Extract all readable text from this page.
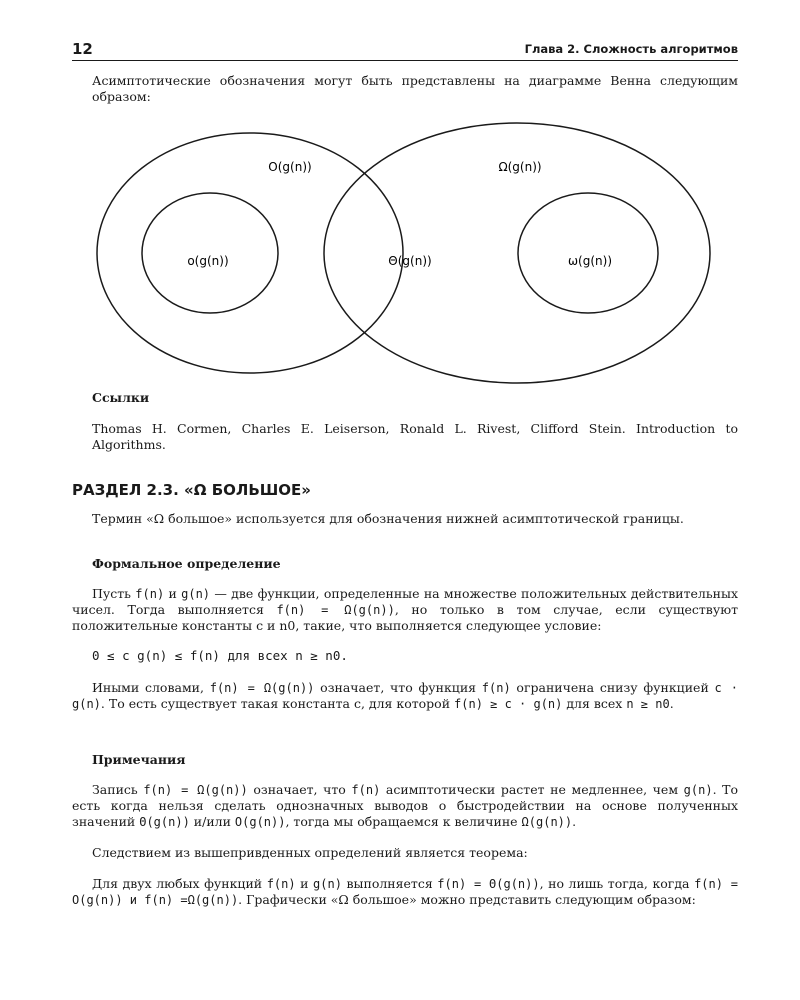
12	Глава 2. Сложность алгоритмов
Асимптотические обозначения могут быть представлены на диаграмме Венна следующим образом:
O(g(n))	Ω(g(n))
o(g(n))	Θ(g(n))	ω(g(n))
Ссылки
Thomas H. Cormen, Charles E. Leiserson, Ronald L. Rivest, Clifford Stein. Introduction to Algorithms.
РАЗДЕЛ 2.3. «Ω БОЛЬШОЕ»
Термин «Ω большое» используется для обозначения нижней асимптотической границы.
Формальное определение
Пусть f(n) и g(n) — две функции, определенные на множестве положительных действительных чисел. Тогда выполняется f(n) = Ω(g(n)), но только в том случае, если существуют положительные константы c и n0, такие, что выполняется следующее условие:
0 ≤ c g(n) ≤ f(n) для всех n ≥ n0.
Иными словами, f(n) = Ω(g(n)) означает, что функция f(n) ограничена снизу функцией c · g(n). То есть существует такая константа c, для которой f(n) ≥ c · g(n) для всех n ≥ n0.
Примечания
Запись f(n) = Ω(g(n)) означает, что f(n) асимптотически растет не медленнее, чем g(n). То есть когда нельзя сделать однозначных выводов о быстродействии на основе полученных значений Θ(g(n)) и/или O(g(n)), тогда мы обращаемся к величине Ω(g(n)).
Следствием из вышепривденных определений является теорема:
Для двух любых функций f(n) и g(n) выполняется f(n) = Θ(g(n)), но лишь тогда, когда f(n) = O(g(n)) и f(n) =Ω(g(n)). Графически «Ω большое» можно представить следующим образом:
